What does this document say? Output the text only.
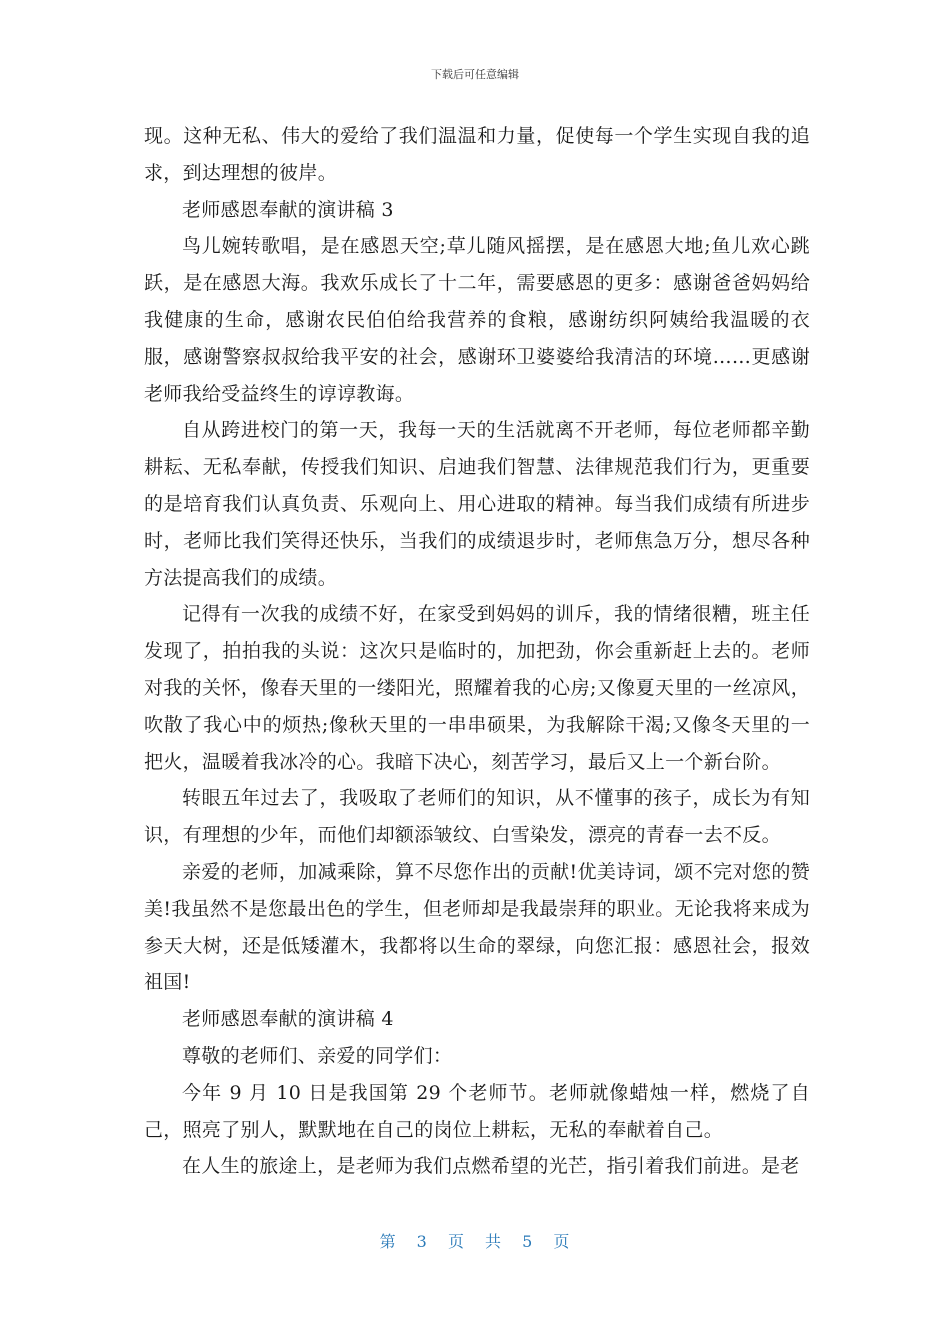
下载后可任意编辑

现。这种无私、伟大的爱给了我们温温和力量，促使每一个学生实现自我的追求，到达理想的彼岸。

老师感恩奉献的演讲稿 3

鸟儿婉转歌唱，是在感恩天空;草儿随风摇摆，是在感恩大地;鱼儿欢心跳跃，是在感恩大海。我欢乐成长了十二年，需要感恩的更多：感谢爸爸妈妈给我健康的生命，感谢农民伯伯给我营养的食粮，感谢纺织阿姨给我温暖的衣服，感谢警察叔叔给我平安的社会，感谢环卫婆婆给我清洁的环境……更感谢老师我给受益终生的谆谆教诲。

自从跨进校门的第一天，我每一天的生活就离不开老师，每位老师都辛勤耕耘、无私奉献，传授我们知识、启迪我们智慧、法律规范我们行为，更重要的是培育我们认真负责、乐观向上、用心进取的精神。每当我们成绩有所进步时，老师比我们笑得还快乐，当我们的成绩退步时，老师焦急万分，想尽各种方法提高我们的成绩。

记得有一次我的成绩不好，在家受到妈妈的训斥，我的情绪很糟，班主任发现了，拍拍我的头说：这次只是临时的，加把劲，你会重新赶上去的。老师对我的关怀，像春天里的一缕阳光，照耀着我的心房;又像夏天里的一丝凉风，吹散了我心中的烦热;像秋天里的一串串硕果，为我解除干渴;又像冬天里的一把火，温暖着我冰冷的心。我暗下决心，刻苦学习，最后又上一个新台阶。

转眼五年过去了，我吸取了老师们的知识，从不懂事的孩子，成长为有知识，有理想的少年，而他们却额添皱纹、白雪染发，漂亮的青春一去不反。

亲爱的老师，加减乘除，算不尽您作出的贡献!优美诗词，颂不完对您的赞美!我虽然不是您最出色的学生，但老师却是我最崇拜的职业。无论我将来成为参天大树，还是低矮灌木，我都将以生命的翠绿，向您汇报：感恩社会，报效祖国!

老师感恩奉献的演讲稿 4

尊敬的老师们、亲爱的同学们：

今年 9 月 10 日是我国第 29 个老师节。老师就像蜡烛一样，燃烧了自己，照亮了别人，默默地在自己的岗位上耕耘，无私的奉献着自己。

在人生的旅途上，是老师为我们点燃希望的光芒，指引着我们前进。是老

第 3 页 共 5 页
